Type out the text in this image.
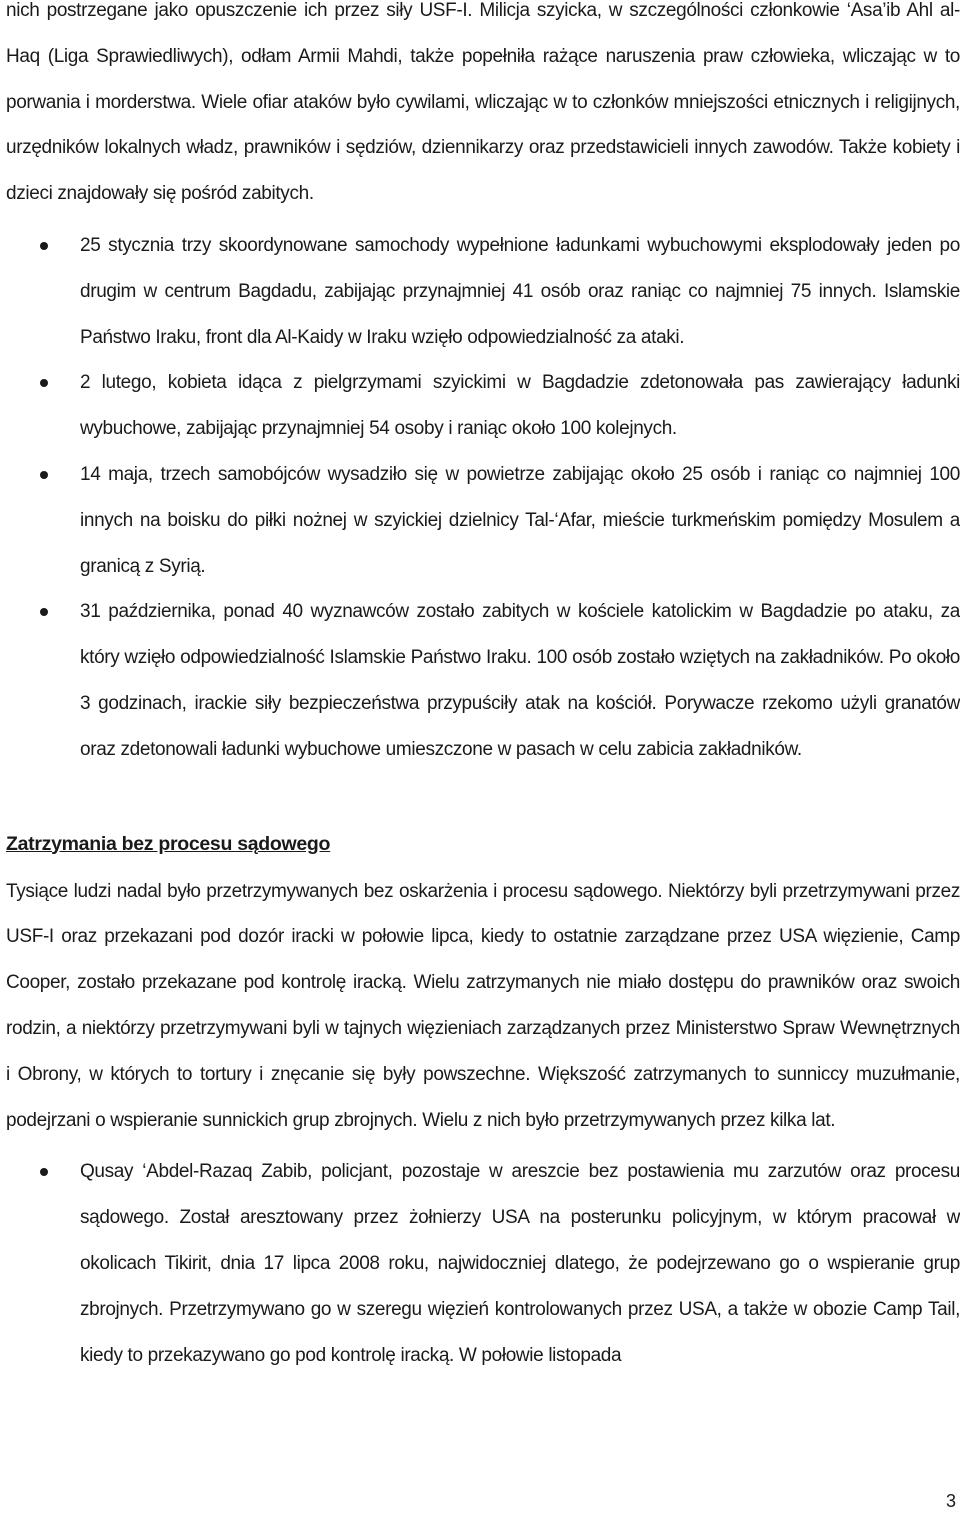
nich postrzegane jako opuszczenie ich przez siły USF-I. Milicja szyicka, w szczególności członkowie ‘Asa’ib Ahl al-Haq (Liga Sprawiedliwych), odłam Armii Mahdi, także popełniła rażące naruszenia praw człowieka, wliczając w to porwania i morderstwa. Wiele ofiar ataków było cywilami, wliczając w to członków mniejszości etnicznych i religijnych, urzędników lokalnych władz, prawników i sędziów, dziennikarzy oraz przedstawicieli innych zawodów. Także kobiety i dzieci znajdowały się pośród zabitych.

25 stycznia trzy skoordynowane samochody wypełnione ładunkami wybuchowymi eksplodowały jeden po drugim w centrum Bagdadu, zabijając przynajmniej 41 osób oraz raniąc co najmniej 75 innych. Islamskie Państwo Iraku, front dla Al-Kaidy w Iraku wzięło odpowiedzialność za ataki.
2 lutego, kobieta idąca z pielgrzymami szyickimi w Bagdadzie zdetonowała pas zawierający ładunki wybuchowe, zabijając przynajmniej 54 osoby i raniąc około 100 kolejnych.
14 maja, trzech samobójców wysadziło się w powietrze zabijając około 25 osób i raniąc co najmniej 100 innych na boisku do piłki nożnej w szyickiej dzielnicy Tal-‘Afar, mieście turkmeńskim pomiędzy Mosulem a granicą z Syrią.
31 października, ponad 40 wyznawców zostało zabitych w kościele katolickim w Bagdadzie po ataku, za który wzięło odpowiedzialność Islamskie Państwo Iraku. 100 osób zostało wziętych na zakładników. Po około 3 godzinach, irackie siły bezpieczeństwa przypuściły atak na kościół. Porywacze rzekomo użyli granatów oraz zdetonowali ładunki wybuchowe umieszczone w pasach w celu zabicia zakładników.
Zatrzymania bez procesu sądowego

Tysiące ludzi nadal było przetrzymywanych bez oskarżenia i procesu sądowego. Niektórzy byli przetrzymywani przez USF-I oraz przekazani pod dozór iracki w połowie lipca, kiedy to ostatnie zarządzane przez USA więzienie, Camp Cooper, zostało przekazane pod kontrolę iracką. Wielu zatrzymanych nie miało dostępu do prawników oraz swoich rodzin, a niektórzy przetrzymywani byli w tajnych więzieniach zarządzanych przez Ministerstwo Spraw Wewnętrznych i Obrony, w których to tortury i znęcanie się były powszechne. Większość zatrzymanych to sunniccy muzułmanie, podejrzani o wspieranie sunnickich grup zbrojnych. Wielu z nich było przetrzymywanych przez kilka lat.

Qusay ‘Abdel-Razaq Zabib, policjant, pozostaje w areszcie bez postawienia mu zarzutów oraz procesu sądowego. Został aresztowany przez żołnierzy USA na posterunku policyjnym, w którym pracował w okolicach Tikirit, dnia 17 lipca 2008 roku, najwidoczniej dlatego, że podejrzewano go o wspieranie grup zbrojnych. Przetrzymywano go w szeregu więzień kontrolowanych przez USA, a także w obozie Camp Tail, kiedy to przekazywano go pod kontrolę iracką. W połowie listopada
3
